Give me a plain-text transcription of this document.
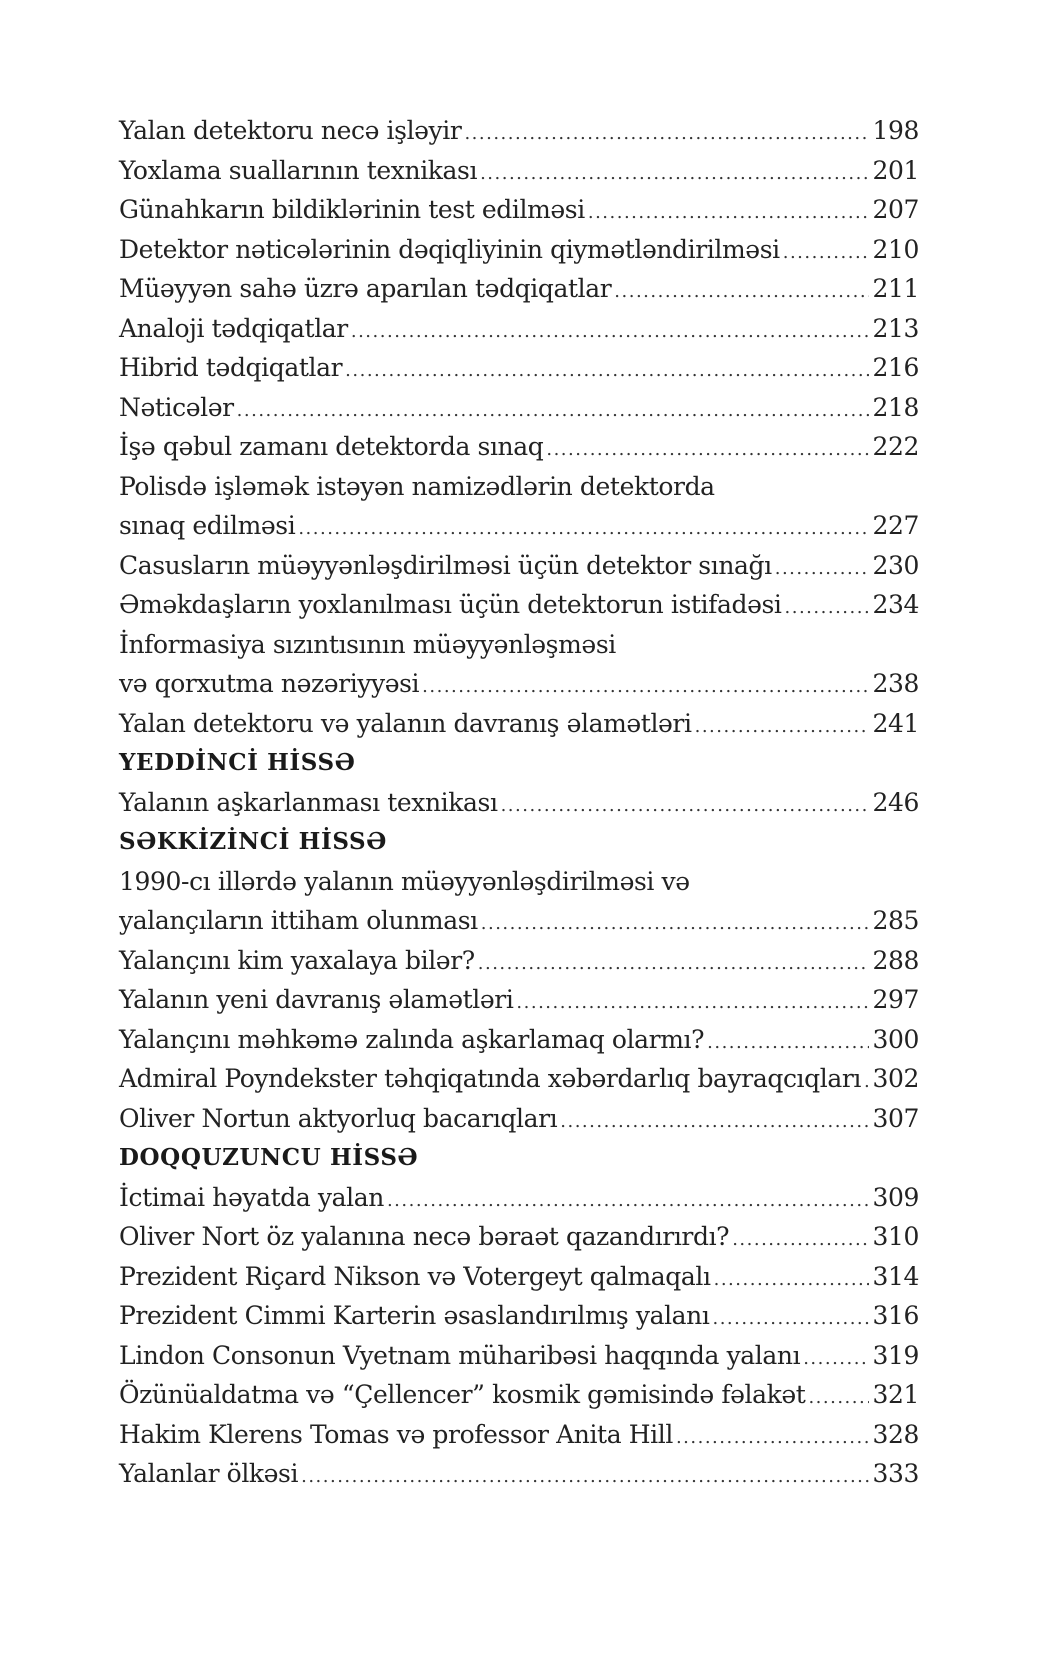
Yalan detektoru necə işləyir .....	198
Yoxlama suallarının texnikası .....	201
Günahkarın bildiklərinin test edilməsi .....	207
Detektor nəticələrinin dəqiqliyinin qiymətləndirilməsi .....	210
Müəyyən sahə üzrə aparılan tədqiqatlar .....	211
Analoji tədqiqatlar .....	213
Hibrid tədqiqatlar .....	216
Nəticələr .....	218
İşə qəbul zamanı detektorda sınaq .....	222
Polisdə işləmək istəyən namizədlərin detektorda
sınaq edilməsi .....	227
Casusların müəyyənləşdirilməsi üçün detektor sınağı .....	230
Əməkdaşların yoxlanılması üçün detektorun istifadəsi .....	234
İnformasiya sızıntısının müəyyənləşməsi
və qorxutma nəzəriyyəsi .....	238
Yalan detektoru və yalanın davranış əlamətləri .....	241
YEDDİNCİ HİSSƏ
Yalanın aşkarlanması texnikası .....	246
SƏKKİZİNCİ HİSSƏ
1990-cı illərdə yalanın müəyyənləşdirilməsi və
yalançıların ittiham olunması .....	285
Yalançını kim yaxalaya bilər? .....	288
Yalanın yeni davranış əlamətləri .....	297
Yalançını məhkəmə zalında aşkarlamaq olarmı? .....	300
Admiral Poyndekster təhqiqatında xəbərdarlıq bayraqcıqları ..... 302
Oliver Nortun aktyorluq bacarıqları .....	307
DOQQUZUNCU HİSSƏ
İctimai həyatda yalan .....	309
Oliver Nort öz yalanına necə bəraət qazandırırdı? .....	310
Prezident Riçard Nikson və Votergeyt qalmaqalı .....	314
Prezident Cimmi Karterin əsaslandırılmış yalanı .....	316
Lindon Consonun Vyetnam müharibəsi haqqında yalanı .....	319
Özünüaldatma və “Çellencer” kosmik gəmisində fəlakət .....	321
Hakim Klerens Tomas və professor Anita Hill .....	328
Yalanlar ölkəsi .....	333
